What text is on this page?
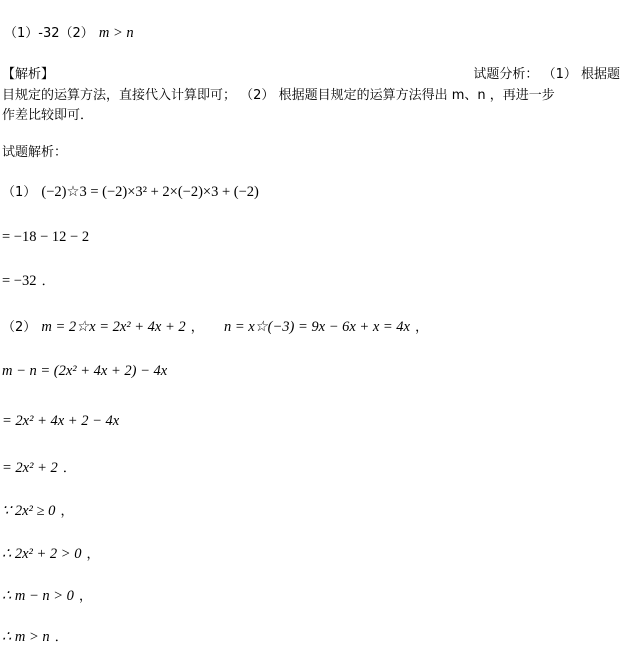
（1）-32（2） m > n
【解析】	试题分析： （1） 根据题
目规定的运算方法，直接代入计算即可； （2） 根据题目规定的运算方法得出 m、n ，再进一步
作差比较即可．
试题解析：
（1） (−2)☆3 = (−2)×3² + 2×(−2)×3 + (−2)
= −18 − 12 − 2
= −32 ．
（2） m = 2☆x = 2x² + 4x + 2 ， n = x☆(−3) = 9x − 6x + x = 4x ，
m − n = (2x² + 4x + 2) − 4x
= 2x² + 4x + 2 − 4x
= 2x² + 2 ．
∵ 2x² ≥ 0 ，
∴ 2x² + 2 > 0 ，
∴ m − n > 0 ，
∴ m > n ．
